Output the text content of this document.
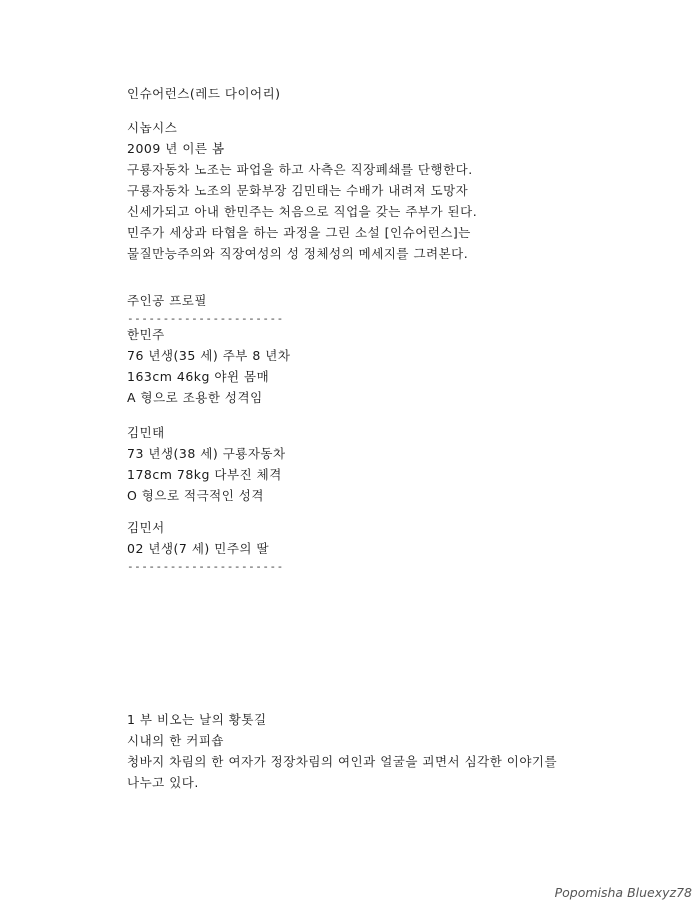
인슈어런스(레드 다이어리)
시놉시스
2009 년 이른 봄
구룡자동차 노조는 파업을 하고 사측은 직장폐쇄를 단행한다.
구룡자동차 노조의 문화부장 김민태는 수배가 내려져 도망자
신세가되고 아내 한민주는 처음으로 직업을 갖는 주부가 된다.
민주가 세상과 타협을 하는 과정을 그린 소설 [인슈어런스]는
물질만능주의와 직장여성의 성 정체성의 메세지를 그려본다.
주인공 프로필
----------------------
한민주
76 년생(35 세) 주부 8 년차
163cm 46kg 야윈 몸매
A 형으로 조용한 성격임
김민태
73 년생(38 세) 구룡자동차
178cm 78kg 다부진 체격
O 형으로 적극적인 성격
김민서
02 년생(7 세) 민주의 딸
----------------------
1 부 비오는 날의 황톳길
시내의 한 커피숍
청바지 차림의 한 여자가 정장차림의 여인과 얼굴을 괴면서 심각한 이야기를
나누고 있다.
Popomisha Bluexyz78
